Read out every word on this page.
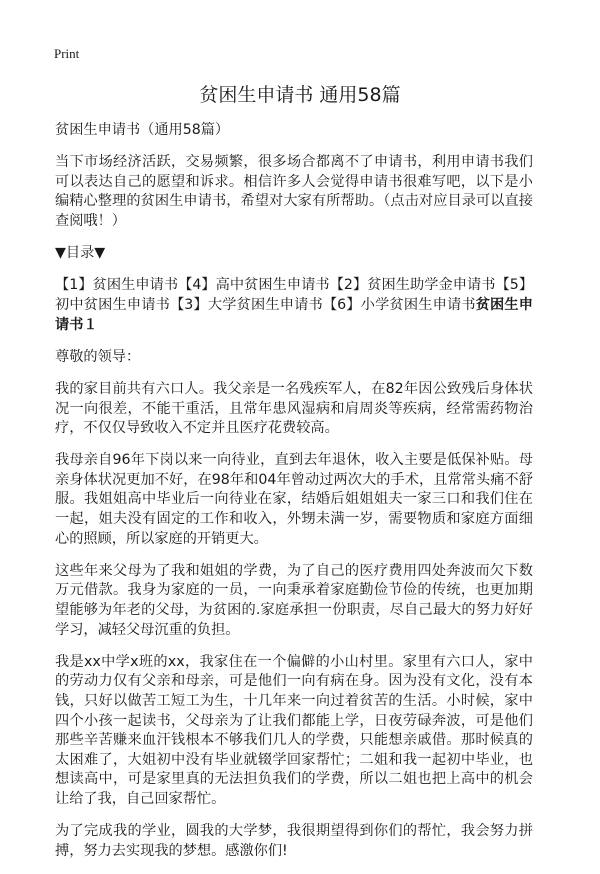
Print
贫困生申请书 通用58篇

贫困生申请书（通用58篇）

当下市场经济活跃，交易频繁，很多场合都离不了申请书，利用申请书我们可以表达自己的愿望和诉求。相信许多人会觉得申请书很难写吧，以下是小编精心整理的贫困生申请书，希望对大家有所帮助。（点击对应目录可以直接查阅哦！）

▼目录▼

【1】贫困生申请书【4】高中贫困生申请书【2】贫困生助学金申请书【5】初中贫困生申请书【3】大学贫困生申请书【6】小学贫困生申请书贫困生申请书１

尊敬的领导：

我的家目前共有六口人。我父亲是一名残疾军人，在82年因公致残后身体状况一向很差，不能干重活，且常年患风湿病和肩周炎等疾病，经常需药物治疗，不仅仅导致收入不定并且医疗花费较高。

我母亲自96年下岗以来一向待业，直到去年退休，收入主要是低保补贴。母亲身体状况更加不好，在98年和04年曾动过两次大的手术，且常常头痛不舒服。我姐姐高中毕业后一向待业在家，结婚后姐姐姐夫一家三口和我们住在一起，姐夫没有固定的工作和收入，外甥未满一岁，需要物质和家庭方面细心的照顾，所以家庭的开销更大。

这些年来父母为了我和姐姐的学费，为了自己的医疗费用四处奔波而欠下数万元借款。我身为家庭的一员，一向秉承着家庭勤俭节俭的传统，也更加期望能够为年老的父母，为贫困的.家庭承担一份职责，尽自己最大的努力好好学习，减轻父母沉重的负担。

我是xx中学x班的xx，我家住在一个偏僻的小山村里。家里有六口人，家中的劳动力仅有父亲和母亲，可是他们一向有病在身。因为没有文化，没有本钱，只好以做苦工短工为生，十几年来一向过着贫苦的生活。小时候，家中四个小孩一起读书，父母亲为了让我们都能上学，日夜劳碌奔波，可是他们那些辛苦赚来血汗钱根本不够我们几人的学费，只能想亲戚借。那时候真的太困难了，大姐初中没有毕业就辍学回家帮忙；二姐和我一起初中毕业，也想读高中，可是家里真的无法担负我们的学费，所以二姐也把上高中的机会让给了我，自己回家帮忙。

为了完成我的学业，圆我的大学梦，我很期望得到你们的帮忙，我会努力拼搏，努力去实现我的梦想。感激你们!
